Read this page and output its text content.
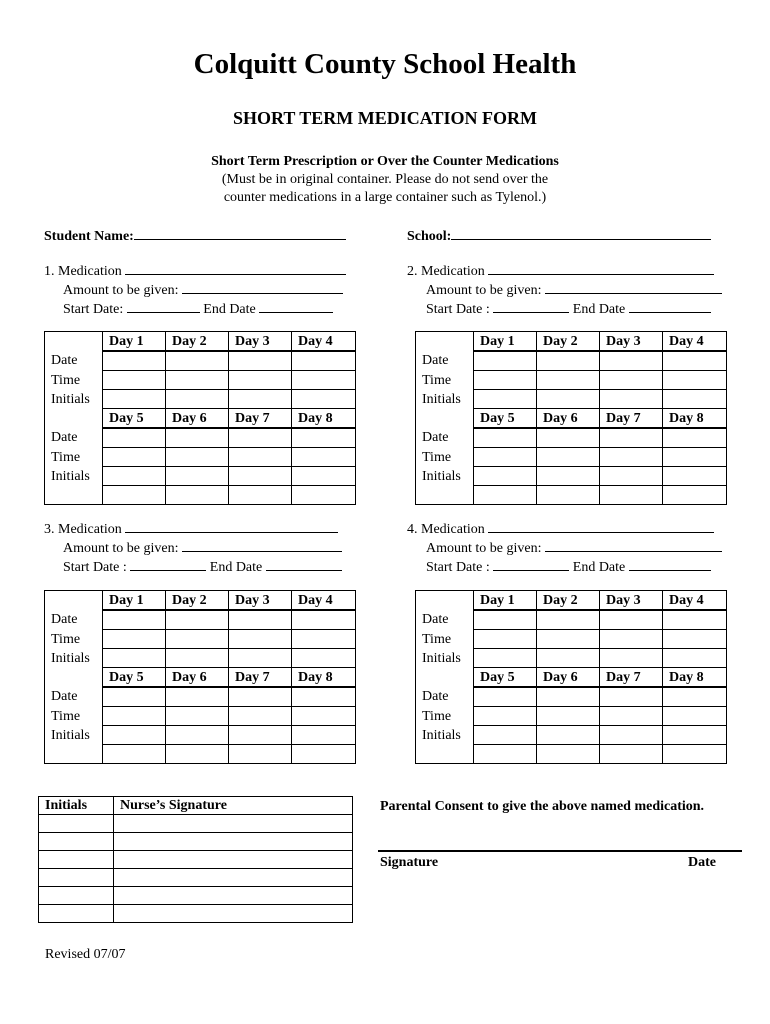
Colquitt County School Health
SHORT TERM MEDICATION FORM
Short Term Prescription or Over the Counter Medications
(Must be in original container. Please do not send over the
counter medications in a large container such as Tylenol.)
Student Name:	School:
1. Medication
Amount to be given:
Start Date:	End Date
	Day 1	Day 2	Day 3	Day 4
Date				
Time				
Initials				
	Day 5	Day 6	Day 7	Day 8
Date				
Time				
Initials				

2. Medication
Amount to be given:
Start Date :	End Date
	Day 1	Day 2	Day 3	Day 4
Date				
Time				
Initials				
	Day 5	Day 6	Day 7	Day 8
Date				
Time				
Initials				

3. Medication
Amount to be given:
Start Date :	End Date
	Day 1	Day 2	Day 3	Day 4
Date				
Time				
Initials				
	Day 5	Day 6	Day 7	Day 8
Date				
Time				
Initials				

4. Medication
Amount to be given:
Start Date :	End Date
	Day 1	Day 2	Day 3	Day 4
Date				
Time				
Initials				
	Day 5	Day 6	Day 7	Day 8
Date				
Time				
Initials				

Initials	Nurse’s Signature

		Parental Consent to give the above named medication.
Signature	Date
Revised 07/07
